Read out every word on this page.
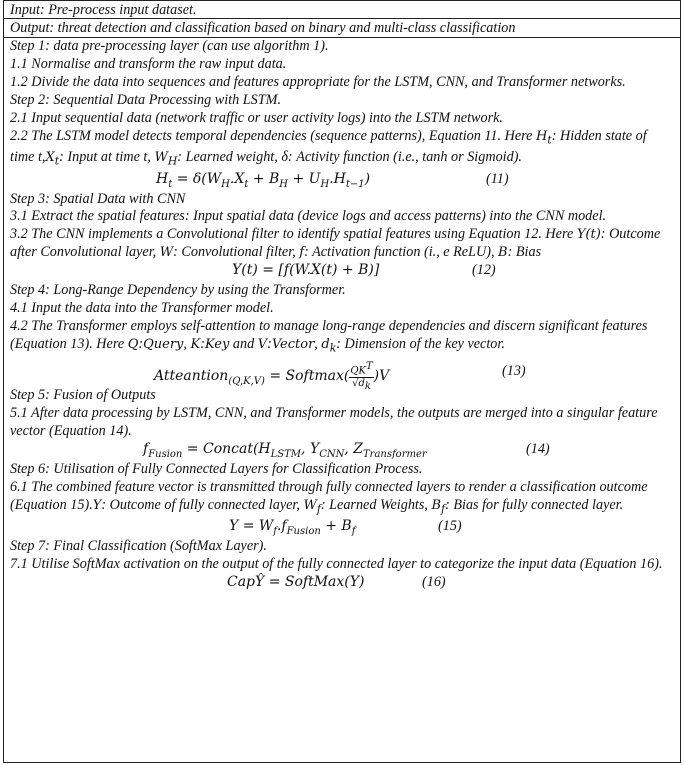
Input: Pre-process input dataset.
Output: threat detection and classification based on binary and multi-class classification
Step 1: data pre-processing layer (can use algorithm 1).
1.1 Normalise and transform the raw input data.
1.2 Divide the data into sequences and features appropriate for the LSTM, CNN, and Transformer networks.
Step 2: Sequential Data Processing with LSTM.
2.1 Input sequential data (network traffic or user activity logs) into the LSTM network.
2.2 The LSTM model detects temporal dependencies (sequence patterns), Equation 11. Here $H_t$: Hidden state of time $t,X_t$: Input at time t, $W_H$: Learned weight, δ: Activity function (i.e., tanh or Sigmoid).
$H_t = \delta(W_H.X_t + B_H + U_H.H_{t-1})$	(11)
Step 3: Spatial Data with CNN
3.1 Extract the spatial features: Input spatial data (device logs and access patterns) into the CNN model.
3.2 The CNN implements a Convolutional filter to identify spatial features using Equation 12. Here Y(t): Outcome after Convolutional layer, W: Convolutional filter, f: Activation function (i., e ReLU), B: Bias
Y(t) = [f(W.X(t) + B)]	(12)
Step 4: Long-Range Dependency by using the Transformer.
4.1 Input the data into the Transformer model.
4.2 The Transformer employs self-attention to manage long-range dependencies and discern significant features (Equation 13). Here Q:Query, K:Key and V:Vector, $d_k$: Dimension of the key vector.
Atteantion$_{(Q,K,V)}$ = Softmax( $\frac{QK^T}{√d_k} )V$	(13)
Step 5: Fusion of Outputs
5.1 After data processing by LSTM, CNN, and Transformer models, the outputs are merged into a singular feature vector (Equation 14).
$f_{Fusion}$ = $Concat(H_{LSTM}$, $Y_{CNN}$, $Z_{Transformer}$	(14)
Step 6: Utilisation of Fully Connected Layers for Classification Process.
6.1 The combined feature vector is transmitted through fully connected layers to render a classification outcome (Equation 15).Y: Outcome of fully connected layer, $W_f$: Learned Weights, $B_f$: Bias for fully connected layer.
$Y = W_f.f_{Fusion} + B_f$	(15)
Step 7: Final Classification (SoftMax Layer).
7.1 Utilise SoftMax activation on the output of the fully connected layer to categorize the input data (Equation 16).
CapŶ = SoftMax(Y)	(16)
